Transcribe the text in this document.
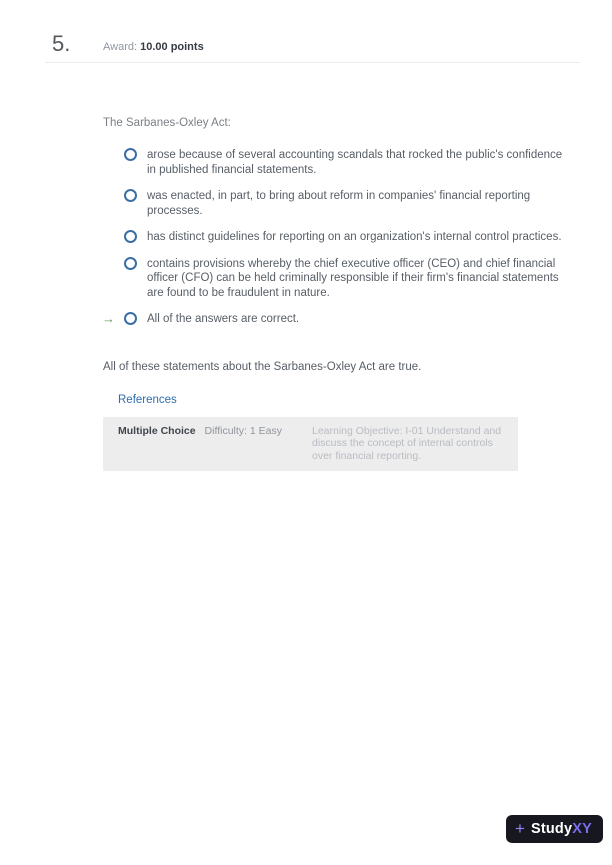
5.	Award: 10.00 points
The Sarbanes-Oxley Act:
arose because of several accounting scandals that rocked the public's confidence in published financial statements.
was enacted, in part, to bring about reform in companies' financial reporting processes.
has distinct guidelines for reporting on an organization's internal control practices.
contains provisions whereby the chief executive officer (CEO) and chief financial officer (CFO) can be held criminally responsible if their firm's financial statements are found to be fraudulent in nature.
→	All of the answers are correct.
All of these statements about the Sarbanes-Oxley Act are true.
References
Multiple Choice Difficulty: 1 Easy	Learning Objective: I-01 Understand and discuss the concept of internal controls over financial reporting.
+ StudyXY
